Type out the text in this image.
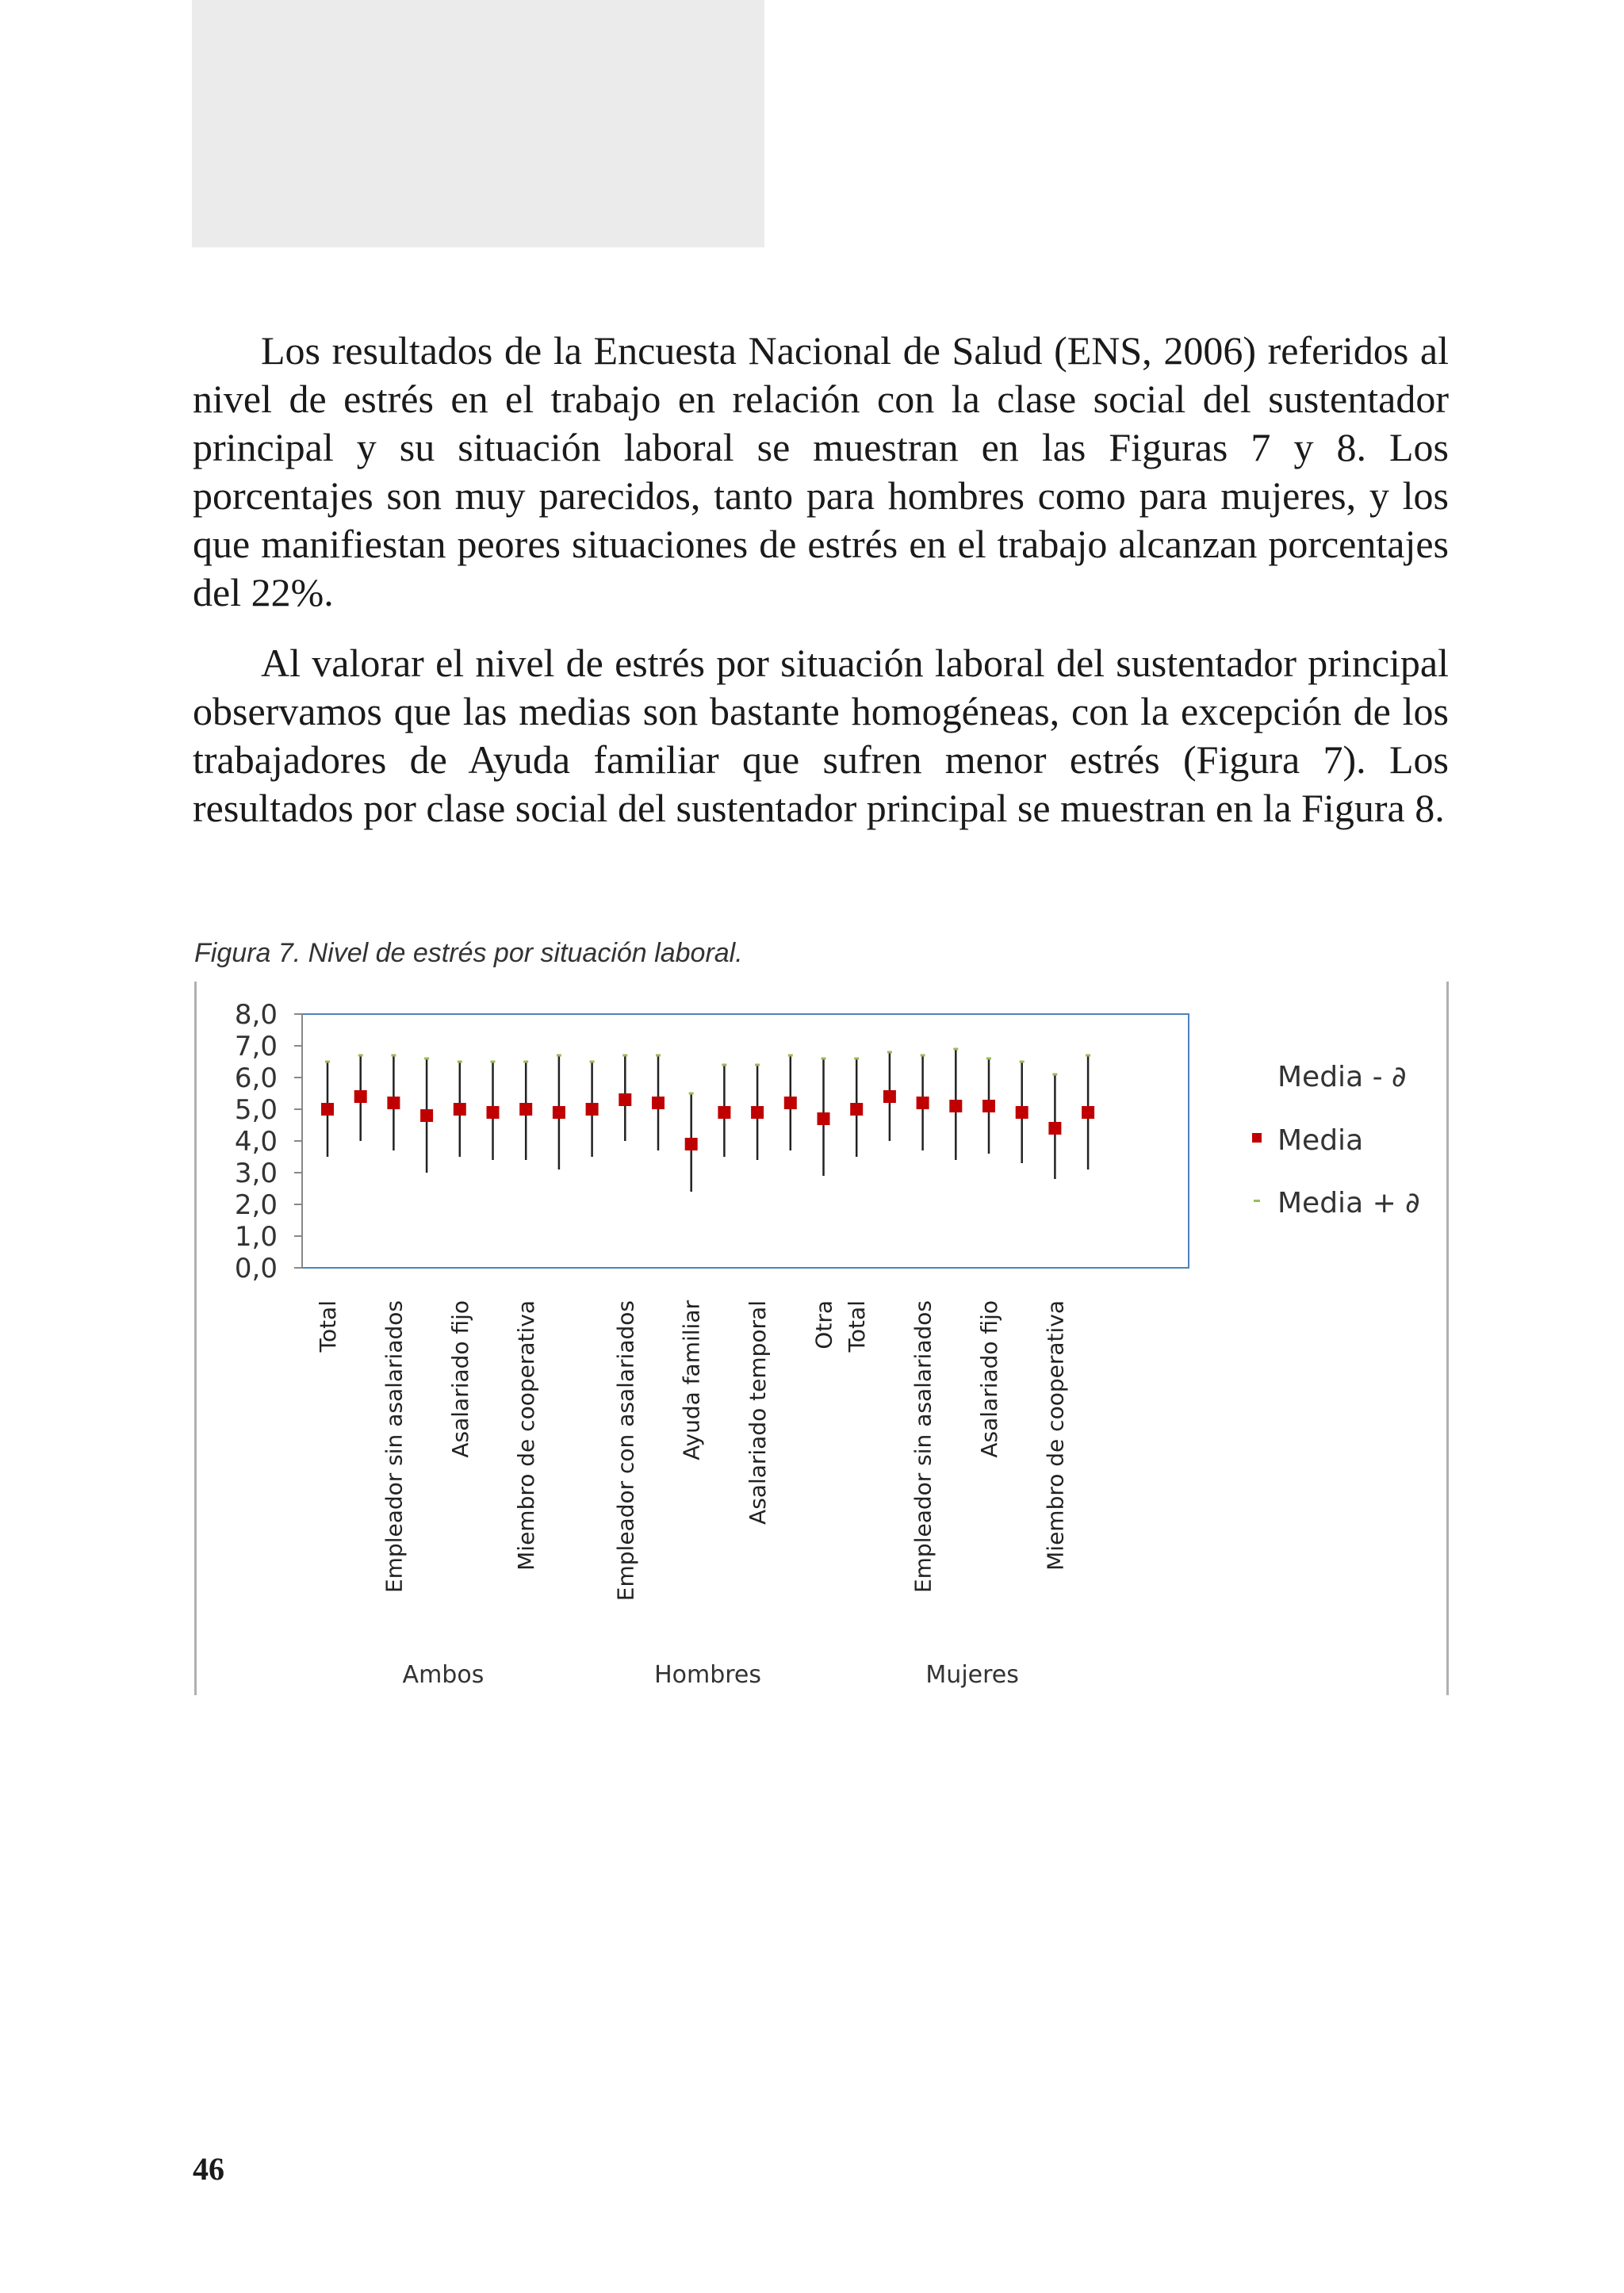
Los resultados de la Encuesta Nacional de Salud (ENS, 2006) referidos al nivel de estrés en el trabajo en relación con la clase social del sustentador principal y su situación laboral se muestran en las Figuras 7 y 8. Los porcentajes son muy parecidos, tanto para hombres como para mujeres, y los que manifiestan peores situaciones de estrés en el trabajo alcanzan porcentajes del 22%.

Al valorar el nivel de estrés por situación laboral del sustentador principal observamos que las medias son bastante homogéneas, con la excepción de los trabajadores de Ayuda familiar que sufren menor estrés (Figura 7). Los resultados por clase social del sustentador principal se muestran en la Figura 8.

Figura 7. Nivel de estrés por situación laboral.
0,0
1,0
2,0
3,0
4,0
5,0
6,0
7,0
8,0
Total Empleador sin asalariados Asalariado fijo Miembro de cooperativa	Empleador con asalariados Ayuda familiar Asalariado temporal Otra Total Empleador sin asalariados Asalariado fijo Miembro de cooperativa
Ambos	Hombres	Mujeres
Media - ∂
Media
Media + ∂
46
